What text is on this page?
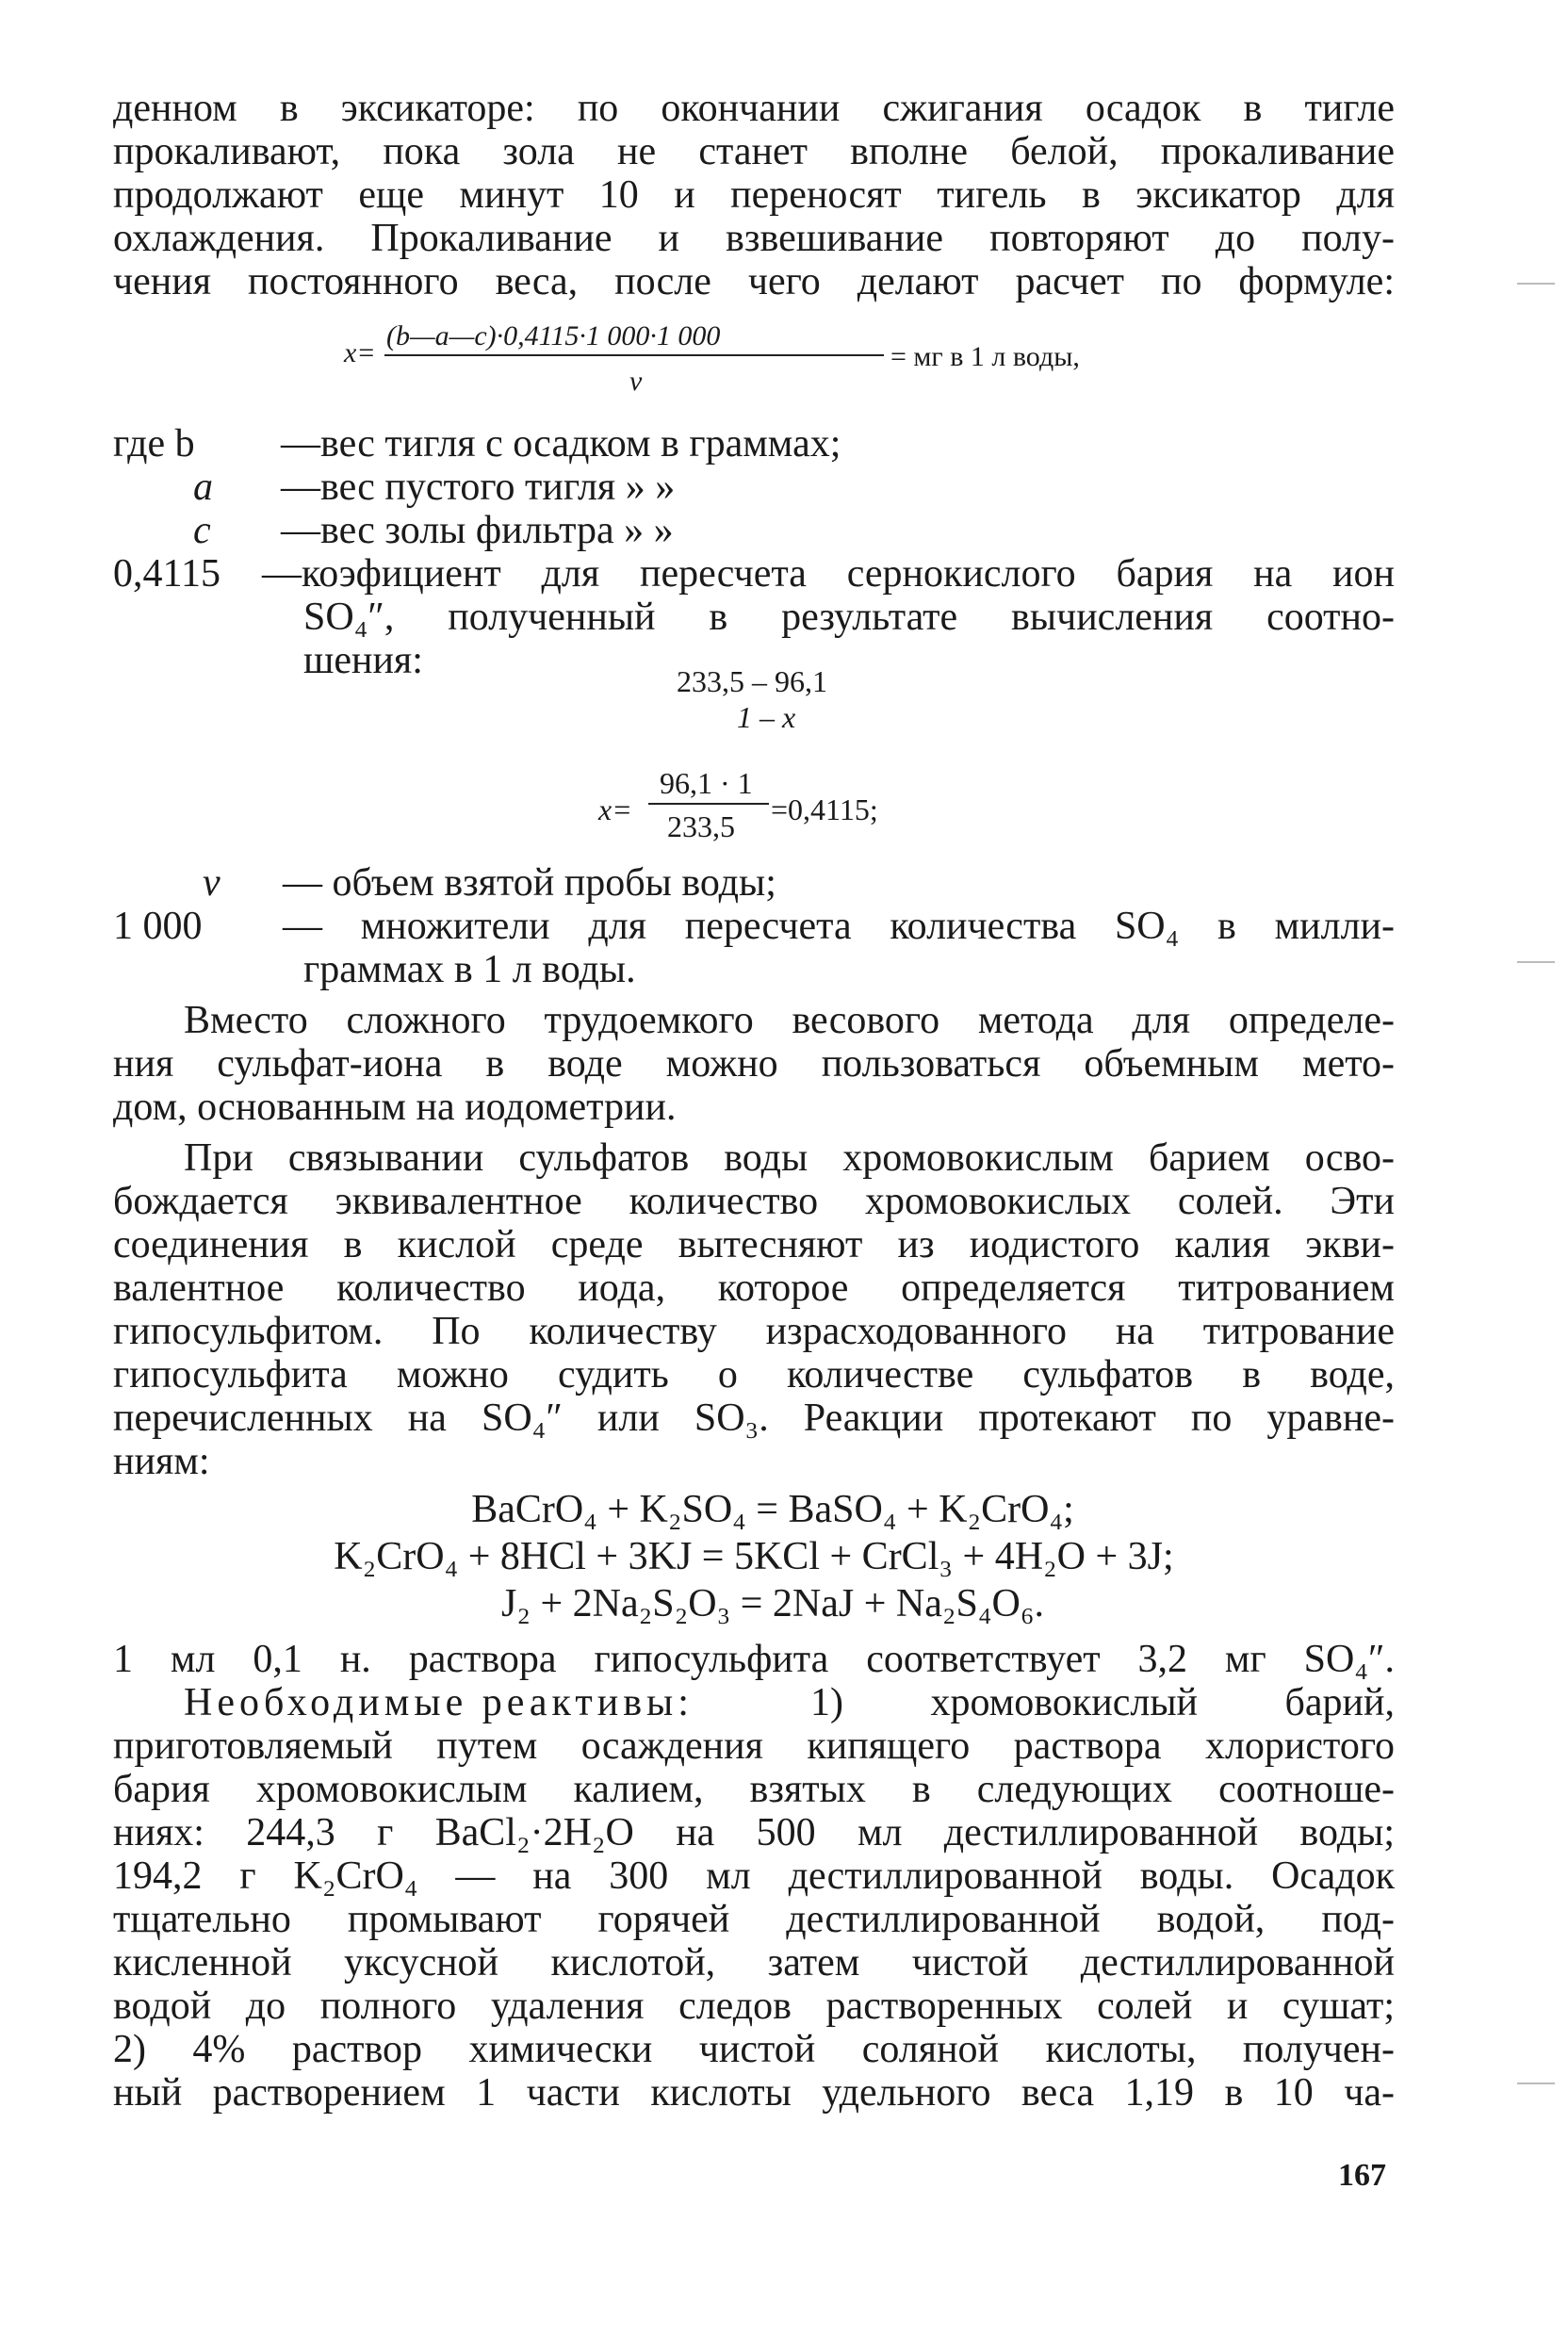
денном в эксикаторе: по окончании сжигания осадок в тигле
прокаливают, пока зола не станет вполне белой, прокаливание
продолжают еще минут 10 и переносят тигель в эксикатор для
охлаждения. Прокаливание и взвешивание повторяют до полу-
чения постоянного веса, после чего делают расчет по формуле:
x=
(b—a—c)·0,4115·1 000·1 000
v
= мг в 1 л воды,
где b —вес тигля с осадком в граммах;
a —вес пустого тигля » »
c —вес золы фильтра » »
0,4115 —коэфициент для пересчета сернокислого бария на ион
SO₄″, полученный в результате вычисления соотно-
шения:	233,5 – 96,1
1 – x
x=
96,1 · 1
233,5 =0,4115;
v — объем взятой пробы воды;
1 000 — множители для пересчета количества SO₄ в милли-
граммах в 1 л воды.
Вместо сложного трудоемкого весового метода для определе-
ния сульфат-иона в воде можно пользоваться объемным мето-
дом, основанным на иодометрии.
При связывании сульфатов воды хромовокислым барием осво-
бождается эквивалентное количество хромовокислых солей. Эти
соединения в кислой среде вытесняют из иодистого калия экви-
валентное количество иода, которое определяется титрованием
гипосульфитом. По количеству израсходованного на титрование
гипосульфита можно судить о количестве сульфатов в воде,
перечисленных на SO₄″ или SO₃. Реакции протекают по уравне-
ниям:
BaCrO₄ + K₂SO₄ = BaSO₄ + K₂CrO₄;
K₂CrO₄ + 8HCl + 3KJ = 5KCl + CrCl₃ + 4H₂O + 3J;
J₂ + 2Na₂S₂O₃ = 2NaJ + Na₂S₄O₆.
1 мл 0,1 н. раствора гипосульфита соответствует 3,2 мг SO₄″.
Необходимые реактивы:	1) хромовокислый барий,
приготовляемый путем осаждения кипящего раствора хлористого
бария хромовокислым калием, взятых в следующих соотноше-
ниях: 244,3 г BaCl₂·2H₂O на 500 мл дестиллированной воды;
194,2 г K₂CrO₄ — на 300 мл дестиллированной воды. Осадок
тщательно промывают горячей дестиллированной водой, под-
кисленной уксусной кислотой, затем чистой дестиллированной
водой до полного удаления следов растворенных солей и сушат;
2) 4% раствор химически чистой соляной кислоты, получен-
ный растворением 1 части кислоты удельного веса 1,19 в 10 ча-
167
